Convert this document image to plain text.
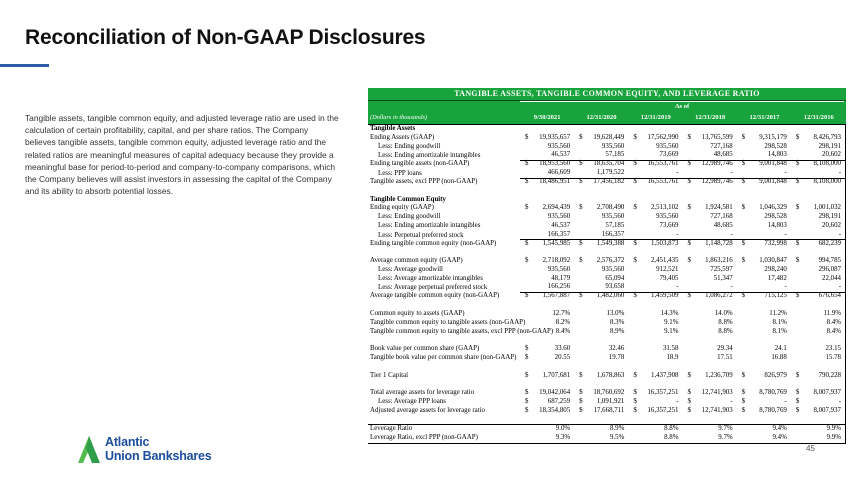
Reconciliation of Non-GAAP Disclosures

Tangible assets, tangible common equity, and adjusted leverage ratio are used in the calculation of certain profitability, capital, and per share ratios. The Company believes tangible assets, tangible common equity, adjusted leverage ratio and the related ratios are meaningful measures of capital adequacy because they provide a meaningful base for period-to-period and company-to-company comparisons, which the Company believes will assist investors in assessing the capital of the Company and its ability to absorb potential losses.

TANGIBLE ASSETS, TANGIBLE COMMON EQUITY, AND LEVERAGE RATIO
As of
(Dollars in thousands)	9/30/2021	12/31/2020	12/31/2019	12/31/2018	12/31/2017	12/31/2016
Tangible Assets
Ending Assets (GAAP)	$ 19,935,657 $ 19,628,449 $ 17,562,990 $ 13,765,599 $ 9,315,179 $ 8,426,793
Less: Ending goodwill	935,560	935,560	935,560	727,168	298,528	298,191
Less: Ending amortizable intangibles	46,537	57,185	73,669	48,685	14,803	20,602
Ending tangible assets (non-GAAP)	$ 18,953,560 $ 18,635,704 $ 16,553,761 $ 12,989,746 $ 9,001,848 $ 8,108,000
Less: PPP loans	466,609	1,179,522	-	-	-	-
Tangible assets, excl PPP (non-GAAP)	$ 18,486,951 $ 17,456,182 $ 16,553,761 $ 12,989,746 $ 9,001,848 $ 8,108,000
Tangible Common Equity
Ending equity (GAAP)	$ 2,694,439 $ 2,708,490 $ 2,513,102 $ 1,924,581 $ 1,046,329 $ 1,001,032
Less: Ending goodwill	935,560	935,560	935,560	727,168	298,528	298,191
Less: Ending amortizable intangibles	46,537	57,185	73,669	48,685	14,803	20,602
Less: Perpetual preferred stock	166,357	166,357	-	-	-	-
Ending tangible common equity (non-GAAP)	$ 1,545,985 $ 1,549,388 $ 1,503,873 $ 1,148,728 $	732,998 $	682,239
Average common equity (GAAP)	$ 2,718,092 $ 2,576,372 $ 2,451,435 $ 1,863,216 $ 1,030,847 $	994,785
Less: Average goodwill	935,560	935,560	912,521	725,597	298,240	296,087
Less: Average amortizable intangibles	48,179	65,094	79,405	51,347	17,482	22,044
Less: Average perpetual preferred stock	166,256	93,658	-	-	-	-
Average tangible common equity (non-GAAP)	$ 1,567,887 $ 1,482,060 $ 1,459,509 $ 1,086,272 $	715,125 $	676,654
Common equity to assets (GAAP)	12.7%	13.0%	14.3%	14.0%	11.2%	11.9%
Tangible common equity to tangible assets (non-GAAP)	8.2%	8.3%	9.1%	8.8%	8.1%	8.4%
Tangible common equity to tangible assets, excl PPP (non-GAAP) 8.4%	8.9%	9.1%	8.8%	8.1%	8.4%
Book value per common share (GAAP)	$	33.60	32.46	31.58	29.34	24.1	23.15
Tangible book value per common share (non-GAAP)	$	20.55	19.78	18.9	17.51	16.88	15.78
Tier 1 Capital	$ 1,707,681 $ 1,678,863 $ 1,437,908 $ 1,236,709 $	826,979 $	790,228
Total average assets for leverage ratio	$ 19,042,064 $ 18,760,692 $ 16,357,251 $ 12,741,903 $ 8,780,769 $ 8,007,937
Less: Average PPP loans	$	687,259 $ 1,091,921 $	- $	- $	- $	-
Adjusted average assets for leverage ratio	$ 18,354,805 $ 17,668,711 $ 16,357,251 $ 12,741,903 $ 8,780,769 $ 8,007,937
Leverage Ratio	9.0%	8.9%	8.8%	9.7%	9.4%	9.9%
Leverage Ratio, excl PPP (non-GAAP)	9.3%	9.5%	8.8%	9.7%	9.4%	9.9%
Atlantic
Union Bankshares	45
